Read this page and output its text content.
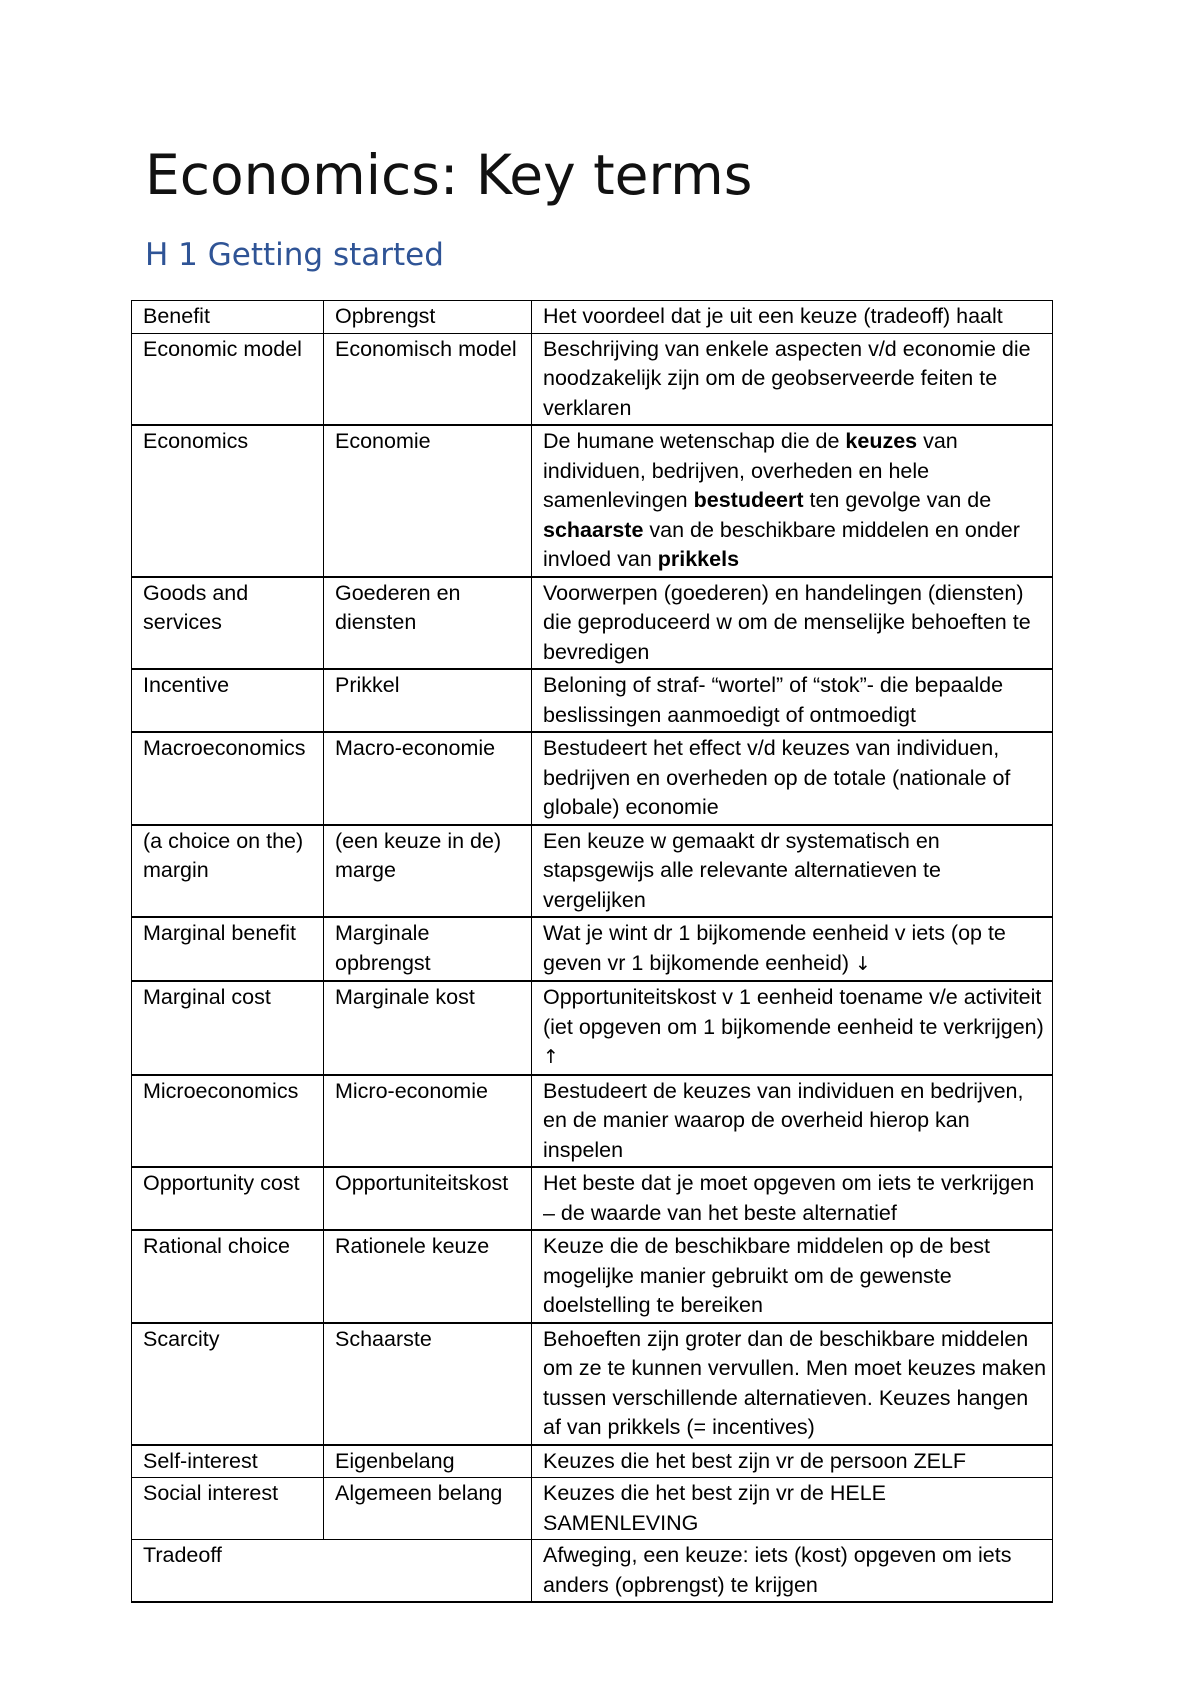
Economics: Key terms
H 1 Getting started
Benefit	Opbrengst	Het voordeel dat je uit een keuze (tradeoff) haalt
Economic model	Economisch model	Beschrijving van enkele aspecten v/d economie die noodzakelijk zijn om de geobserveerde feiten te verklaren
Economics	Economie	De humane wetenschap die de keuzes van individuen, bedrijven, overheden en hele samenlevingen bestudeert ten gevolge van de schaarste van de beschikbare middelen en onder invloed van prikkels
Goods and services	Goederen en diensten	Voorwerpen (goederen) en handelingen (diensten) die geproduceerd w om de menselijke behoeften te bevredigen
Incentive	Prikkel	Beloning of straf- “wortel” of “stok”- die bepaalde beslissingen aanmoedigt of ontmoedigt
Macroeconomics	Macro-economie	Bestudeert het effect v/d keuzes van individuen, bedrijven en overheden op de totale (nationale of globale) economie
(a choice on the) margin	(een keuze in de) marge	Een keuze w gemaakt dr systematisch en stapsgewijs alle relevante alternatieven te vergelijken
Marginal benefit	Marginale opbrengst	Wat je wint dr 1 bijkomende eenheid v iets (op te geven vr 1 bijkomende eenheid) ↓
Marginal cost	Marginale kost	Opportuniteitskost v 1 eenheid toename v/e activiteit (iet opgeven om 1 bijkomende eenheid te verkrijgen) ↑
Microeconomics	Micro-economie	Bestudeert de keuzes van individuen en bedrijven, en de manier waarop de overheid hierop kan inspelen
Opportunity cost	Opportuniteitskost	Het beste dat je moet opgeven om iets te verkrijgen – de waarde van het beste alternatief
Rational choice	Rationele keuze	Keuze die de beschikbare middelen op de best mogelijke manier gebruikt om de gewenste doelstelling te bereiken
Scarcity	Schaarste	Behoeften zijn groter dan de beschikbare middelen om ze te kunnen vervullen. Men moet keuzes maken tussen verschillende alternatieven. Keuzes hangen af van prikkels (= incentives)
Self-interest	Eigenbelang	Keuzes die het best zijn vr de persoon ZELF
Social interest	Algemeen belang	Keuzes die het best zijn vr de HELE SAMENLEVING
Tradeoff		Afweging, een keuze: iets (kost) opgeven om iets anders (opbrengst) te krijgen
